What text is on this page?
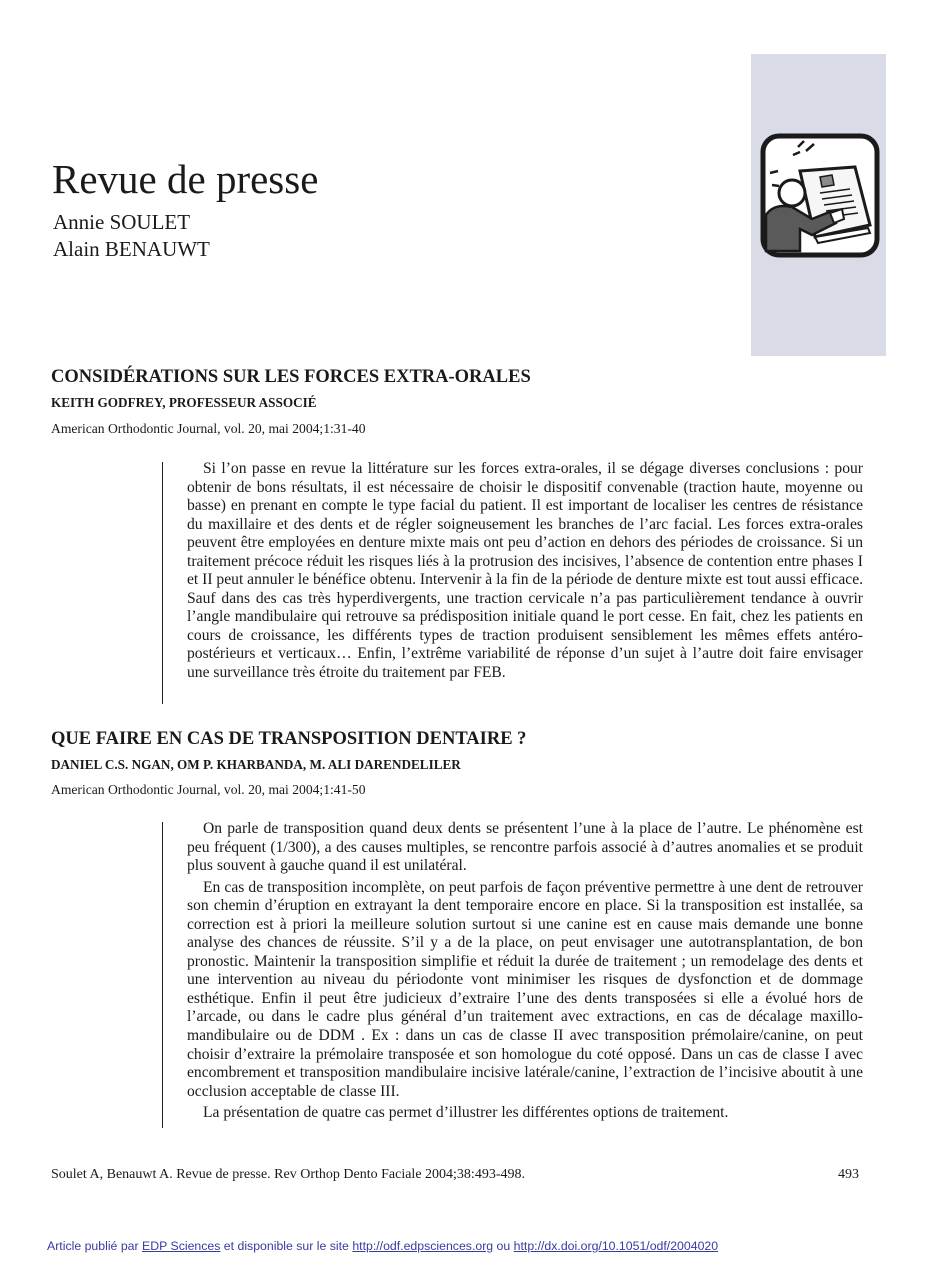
Revue de presse
Annie SOULET
Alain BENAUWT
CONSIDÉRATIONS SUR LES FORCES EXTRA-ORALES
KEITH GODFREY, PROFESSEUR ASSOCIÉ
American Orthodontic Journal, vol. 20, mai 2004;1:31-40

Si l’on passe en revue la littérature sur les forces extra-orales, il se dégage diverses conclusions : pour obtenir de bons résultats, il est nécessaire de choisir le dispositif convenable (traction haute, moyenne ou basse) en prenant en compte le type facial du patient. Il est important de localiser les centres de résistance du maxillaire et des dents et de régler soigneusement les branches de l’arc facial. Les forces extra-orales peuvent être employées en denture mixte mais ont peu d’action en dehors des périodes de croissance. Si un traitement précoce réduit les risques liés à la protrusion des incisives, l’absence de contention entre phases I et II peut annuler le bénéfice obtenu. Intervenir à la fin de la période de denture mixte est tout aussi efficace. Sauf dans des cas très hyperdivergents, une traction cervicale n’a pas particulièrement tendance à ouvrir l’angle mandibulaire qui retrouve sa prédisposition initiale quand le port cesse. En fait, chez les patients en cours de croissance, les différents types de traction produisent sensiblement les mêmes effets antéro-postérieurs et verticaux… Enfin, l’extrême variabilité de réponse d’un sujet à l’autre doit faire envisager une surveillance très étroite du traitement par FEB.

QUE FAIRE EN CAS DE TRANSPOSITION DENTAIRE ?
DANIEL C.S. NGAN, OM P. KHARBANDA, M. ALI DARENDELILER
American Orthodontic Journal, vol. 20, mai 2004;1:41-50

On parle de transposition quand deux dents se présentent l’une à la place de l’autre. Le phénomène est peu fréquent (1/300), a des causes multiples, se rencontre parfois associé à d’autres anomalies et se produit plus souvent à gauche quand il est unilatéral.

En cas de transposition incomplète, on peut parfois de façon préventive permettre à une dent de retrouver son chemin d’éruption en extrayant la dent temporaire encore en place. Si la transposition est installée, sa correction est à priori la meilleure solution surtout si une canine est en cause mais demande une bonne analyse des chances de réussite. S’il y a de la place, on peut envisager une autotransplantation, de bon pronostic. Maintenir la transposition simplifie et réduit la durée de traitement ; un remodelage des dents et une intervention au niveau du périodonte vont minimiser les risques de dysfonction et de dommage esthétique. Enfin il peut être judicieux d’extraire l’une des dents transposées si elle a évolué hors de l’arcade, ou dans le cadre plus général d’un traitement avec extractions, en cas de décalage maxillo-mandibulaire ou de DDM . Ex : dans un cas de classe II avec transposition prémolaire/canine, on peut choisir d’extraire la prémolaire transposée et son homologue du coté opposé. Dans un cas de classe I avec encombrement et transposition mandibulaire incisive latérale/canine, l’extraction de l’incisive aboutit à une occlusion acceptable de classe III.

La présentation de quatre cas permet d’illustrer les différentes options de traitement.

Soulet A, Benauwt A. Revue de presse. Rev Orthop Dento Faciale 2004;38:493-498.	493
Article publié par EDP Sciences et disponible sur le site http://odf.edpsciences.org ou http://dx.doi.org/10.1051/odf/2004020
